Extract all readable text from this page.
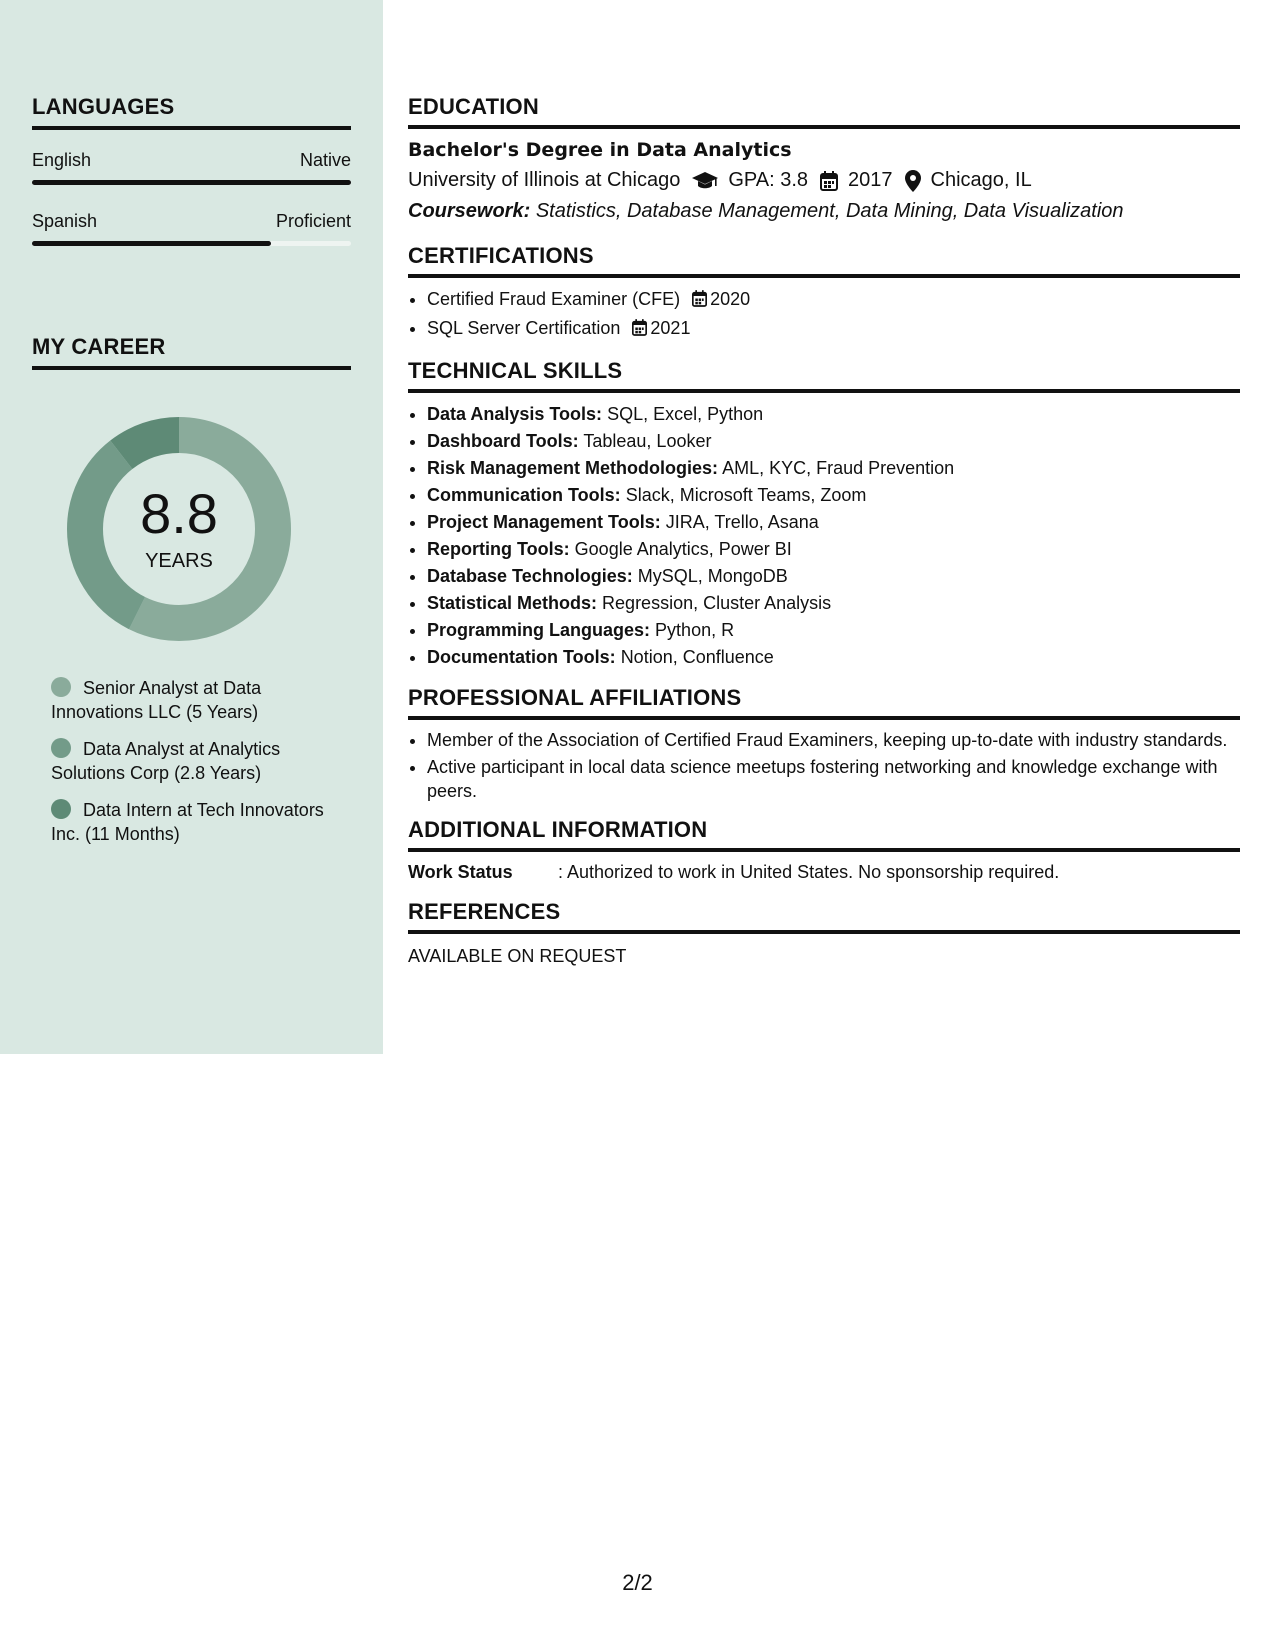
LANGUAGES
English	Native
Spanish	Proficient
MY CAREER
8.8
YEARS
Senior Analyst at Data Innovations LLC (5 Years)
Data Analyst at Analytics Solutions Corp (2.8 Years)
Data Intern at Tech Innovators Inc. (11 Months)
EDUCATION
Bachelor's Degree in Data Analytics
University of Illinois at Chicago GPA: 3.8 2017 Chicago, IL
Coursework: Statistics, Database Management, Data Mining, Data Visualization
CERTIFICATIONS
• Certified Fraud Examiner (CFE) 2020
• SQL Server Certification 2021
TECHNICAL SKILLS
• Data Analysis Tools: SQL, Excel, Python
• Dashboard Tools: Tableau, Looker
• Risk Management Methodologies: AML, KYC, Fraud Prevention
• Communication Tools: Slack, Microsoft Teams, Zoom
• Project Management Tools: JIRA, Trello, Asana
• Reporting Tools: Google Analytics, Power BI
• Database Technologies: MySQL, MongoDB
• Statistical Methods: Regression, Cluster Analysis
• Programming Languages: Python, R
• Documentation Tools: Notion, Confluence
PROFESSIONAL AFFILIATIONS
• Member of the Association of Certified Fraud Examiners, keeping up-to-date with industry standards.
• Active participant in local data science meetups fostering networking and knowledge exchange with peers.
ADDITIONAL INFORMATION
Work Status	: Authorized to work in United States. No sponsorship required.
REFERENCES
AVAILABLE ON REQUEST
2/2
